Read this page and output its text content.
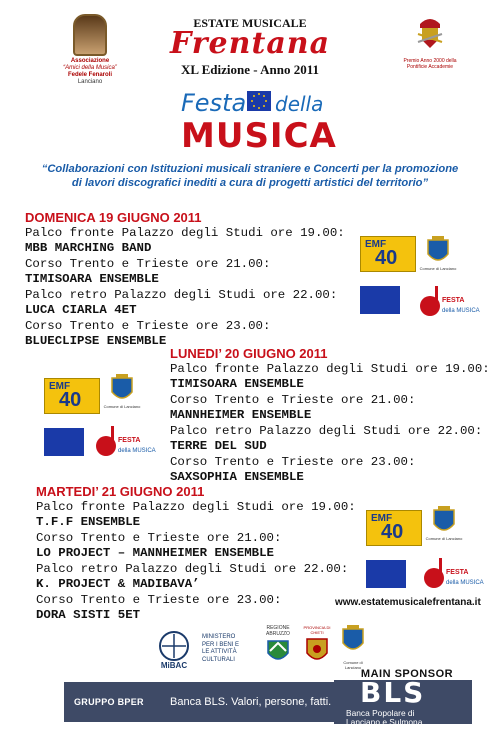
Associazione
“Amici della Musica”
Fedele Fenaroli
Lanciano
Premio Anno 2000 della
Pontificie Accademie
ESTATE MUSICALE
Frentana
XL Edizione - Anno 2011
Festa della
MUSICA
“Collaborazioni con Istituzioni musicali straniere e Concerti per la promozione
di lavori discografici inediti a cura di progetti artistici del territorio”
DOMENICA 19 GIUGNO 2011
Palco fronte Palazzo degli Studi ore 19.00:
MBB MARCHING BAND
Corso Trento e Trieste ore 21.00:
TIMISOARA ENSEMBLE
Palco retro Palazzo degli Studi ore 22.00:
LUCA CIARLA 4ET
Corso Trento e Trieste ore 23.00:
BLUECLIPSE ENSEMBLE
LUNEDI’ 20 GIUGNO 2011
Palco fronte Palazzo degli Studi ore 19.00:
TIMISOARA ENSEMBLE
Corso Trento e Trieste ore 21.00:
MANNHEIMER ENSEMBLE
Palco retro Palazzo degli Studi ore 22.00:
TERRE DEL SUD
Corso Trento e Trieste ore 23.00:
SAXSOPHIA ENSEMBLE
MARTEDI’ 21 GIUGNO 2011
Palco fronte Palazzo degli Studi ore 19.00:
T.F.F ENSEMBLE
Corso Trento e Trieste ore 21.00:
LO PROJECT – MANNHEIMER ENSEMBLE
Palco retro Palazzo degli Studi ore 22.00:
K. PROJECT & MADIBAVA’
Corso Trento e Trieste ore 23.00:
DORA SISTI 5ET
EMF
40	Comune di Lanciano
FESTA
della MUSICA
EMF
40	Comune di Lanciano
FESTA
della MUSICA
EMF
40	Comune di Lanciano
FESTA
della MUSICA
www.estatemusicalefrentana.it
MiBAC
MINISTERO
PER I BENI E
LE ATTIVITÀ
CULTURALI
REGIONE
ABRUZZO
PROVINCIA DI CHIETI
Comune di Lanciano
MAIN SPONSOR
GRUPPO BPER Banca BLS. Valori, persone, fatti. BLS
Banca Popolare di
Lanciano e Sulmona
